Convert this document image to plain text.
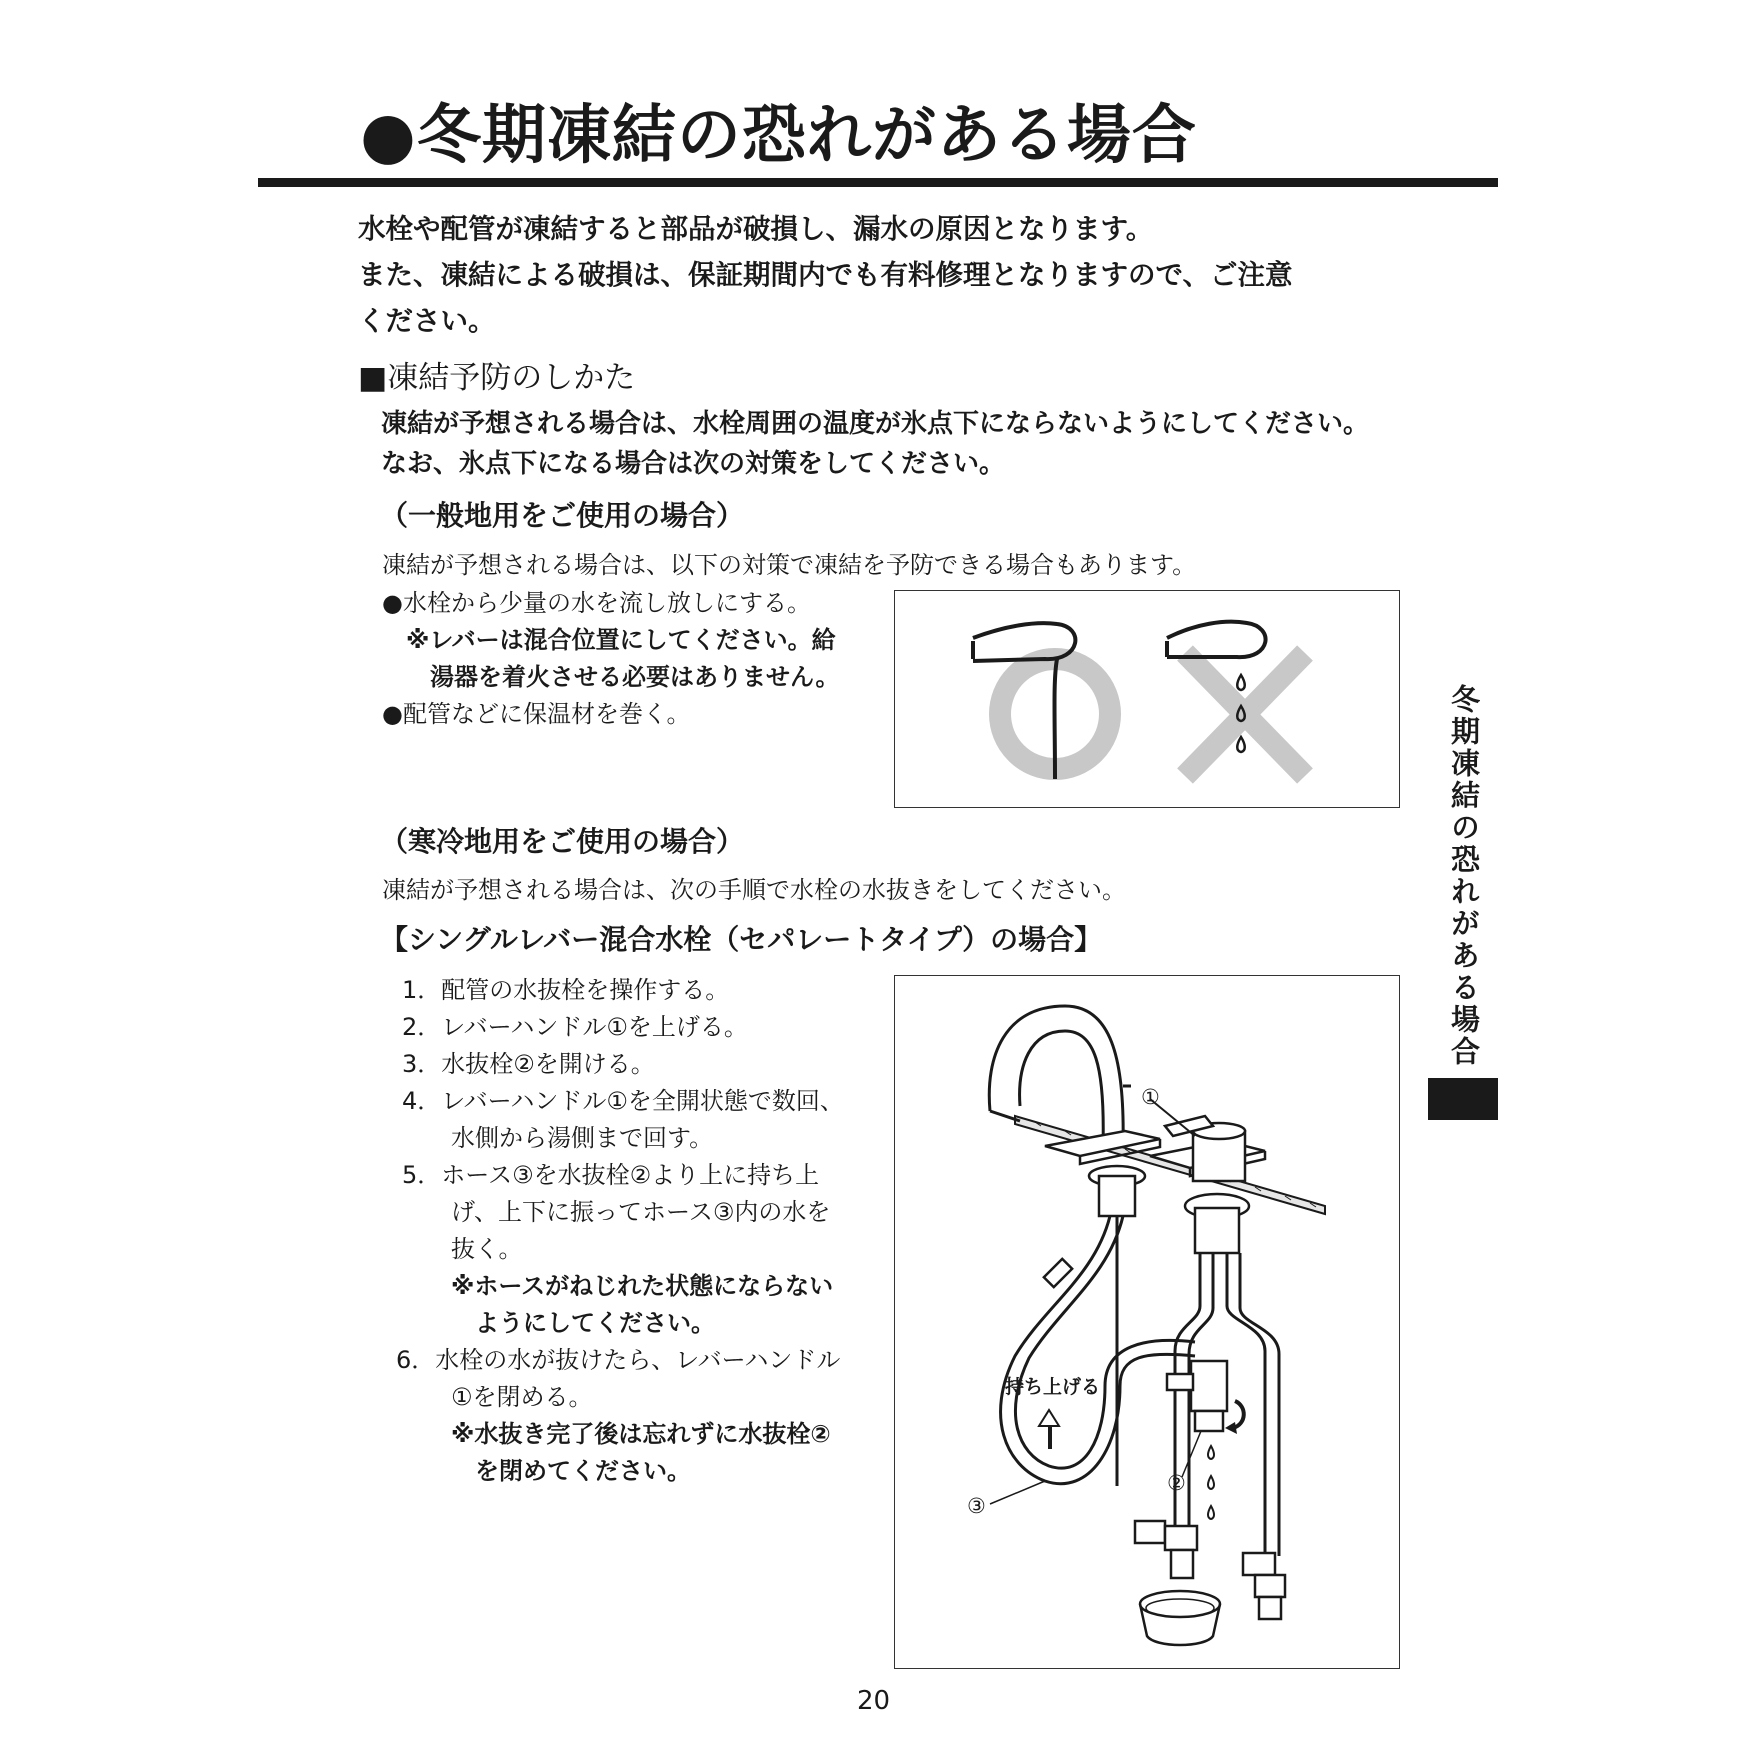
●冬期凍結の恐れがある場合
水栓や配管が凍結すると部品が破損し、漏水の原因となります。
また、凍結による破損は、保証期間内でも有料修理となりますので、ご注意
ください。
■凍結予防のしかた
凍結が予想される場合は、水栓周囲の温度が氷点下にならないようにしてください。
なお、氷点下になる場合は次の対策をしてください。
（一般地用をご使用の場合）
凍結が予想される場合は、以下の対策で凍結を予防できる場合もあります。
●水栓から少量の水を流し放しにする。
※レバーは混合位置にしてください。給
湯器を着火させる必要はありません。
●配管などに保温材を巻く。
（寒冷地用をご使用の場合）
凍結が予想される場合は、次の手順で水栓の水抜きをしてください。
【シングルレバー混合水栓（セパレートタイプ）の場合】
1．配管の水抜栓を操作する。
2．レバーハンドル①を上げる。
3．水抜栓②を開ける。
4．レバーハンドル①を全開状態で数回、
水側から湯側まで回す。
5．ホース③を水抜栓②より上に持ち上
げ、上下に振ってホース③内の水を
抜く。
※ホースがねじれた状態にならない
ようにしてください。
6．水栓の水が抜けたら、レバーハンドル
①を閉める。
※水抜き完了後は忘れずに水抜栓②
を閉めてください。
①
②
③
持ち上げる
冬期凍結の恐れがある場合
20
